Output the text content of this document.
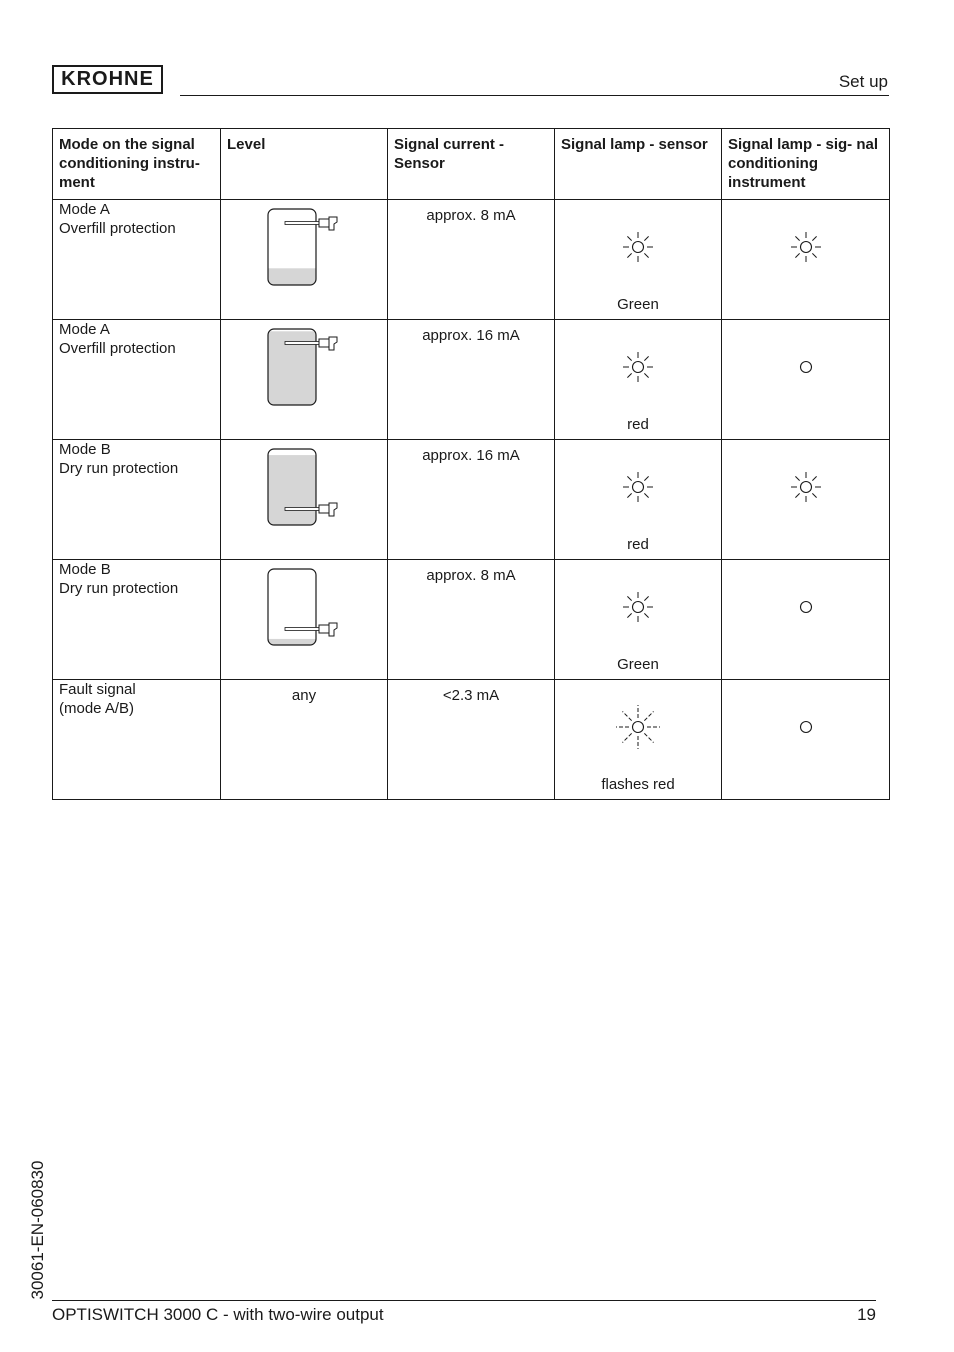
KROHNE	Set up
Mode on the signal conditioning instru- ment	Level	Signal current - Sensor	Signal lamp - sensor	Signal lamp - sig- nal conditioning instrument

Mode A
Overfill protection		approx. 8 mA	Green

Mode A
Overfill protection		approx. 16 mA	red

Mode B
Dry run protection		approx. 16 mA	red

Mode B
Dry run protection		approx. 8 mA	Green

Fault signal
(mode A/B)	any	<2.3 mA	flashes red

30061-EN-060830
OPTISWITCH 3000 C - with two-wire output	19
